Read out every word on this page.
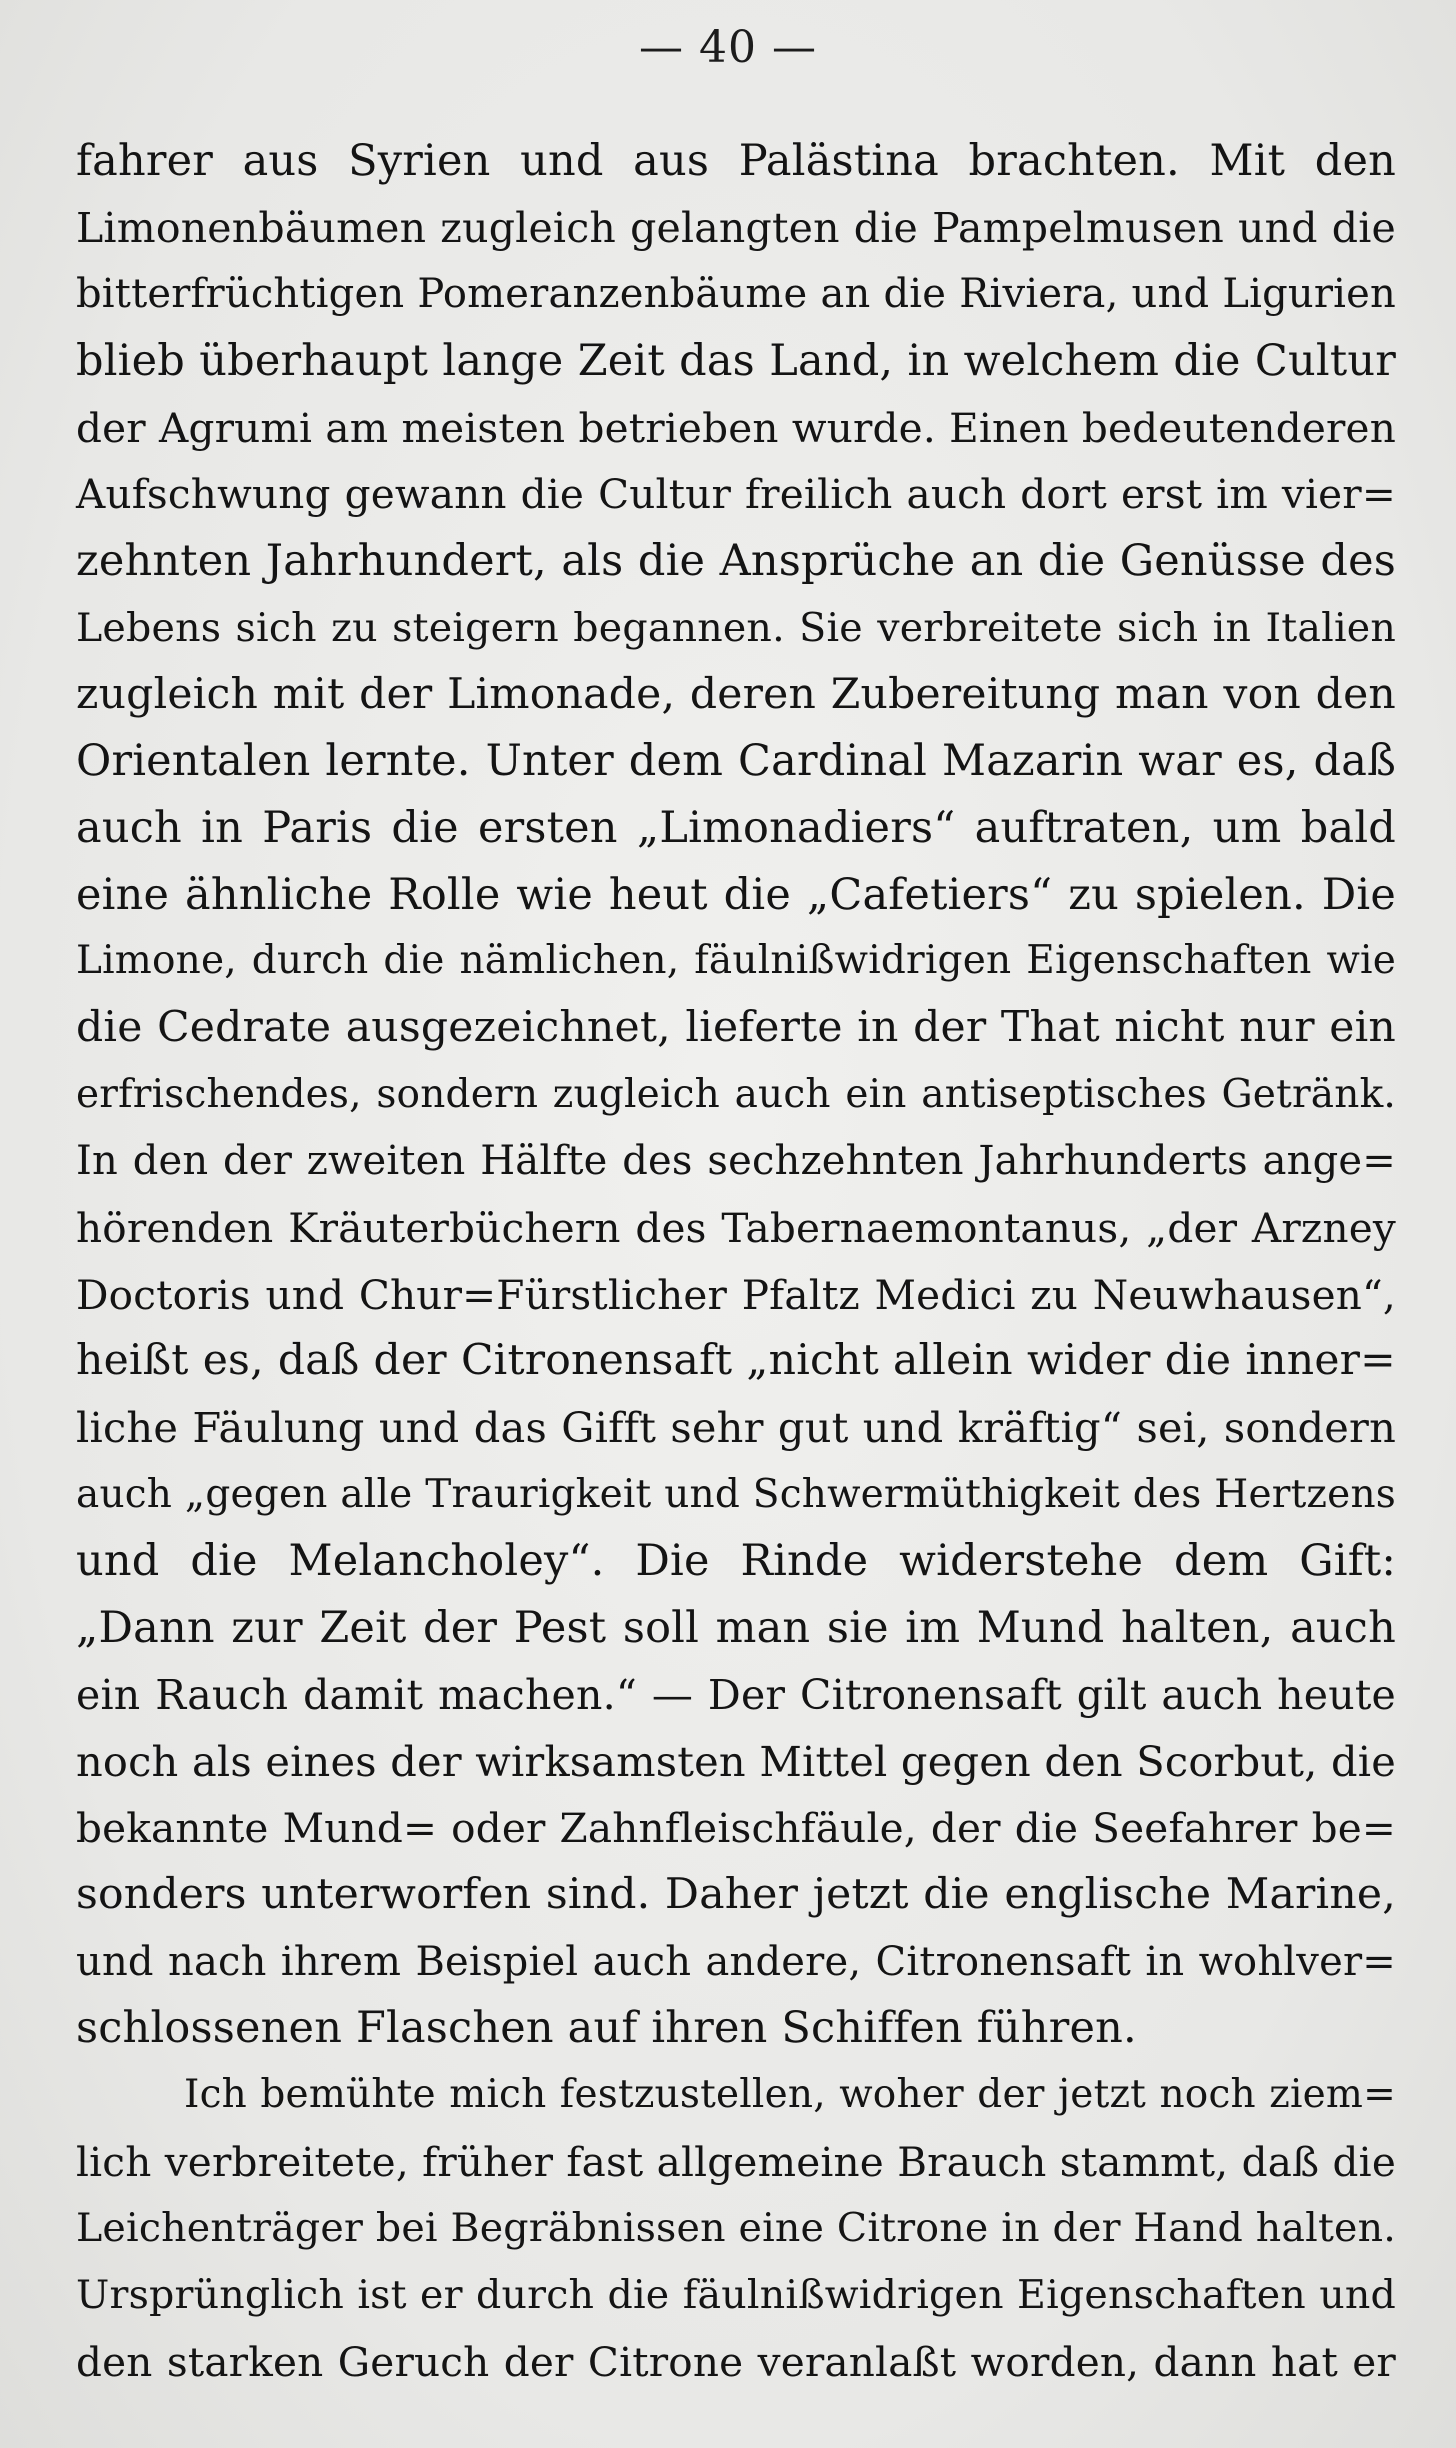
— 40 —
fahrer aus Syrien und aus Palästina brachten. Mit den
Limonenbäumen zugleich gelangten die Pampelmusen und die
bitterfrüchtigen Pomeranzenbäume an die Riviera, und Ligurien
blieb überhaupt lange Zeit das Land, in welchem die Cultur
der Agrumi am meisten betrieben wurde. Einen bedeutenderen
Aufschwung gewann die Cultur freilich auch dort erst im vier=
zehnten Jahrhundert, als die Ansprüche an die Genüsse des
Lebens sich zu steigern begannen. Sie verbreitete sich in Italien
zugleich mit der Limonade, deren Zubereitung man von den
Orientalen lernte. Unter dem Cardinal Mazarin war es, daß
auch in Paris die ersten „Limonadiers“ auftraten, um bald
eine ähnliche Rolle wie heut die „Cafetiers“ zu spielen. Die
Limone, durch die nämlichen, fäulnißwidrigen Eigenschaften wie
die Cedrate ausgezeichnet, lieferte in der That nicht nur ein
erfrischendes, sondern zugleich auch ein antiseptisches Getränk.
In den der zweiten Hälfte des sechzehnten Jahrhunderts ange=
hörenden Kräuterbüchern des Tabernaemontanus, „der Arzney
Doctoris und Chur=Fürstlicher Pfaltz Medici zu Neuwhausen“,
heißt es, daß der Citronensaft „nicht allein wider die inner=
liche Fäulung und das Gifft sehr gut und kräftig“ sei, sondern
auch „gegen alle Traurigkeit und Schwermüthigkeit des Hertzens
und die Melancholey“. Die Rinde widerstehe dem Gift:
„Dann zur Zeit der Pest soll man sie im Mund halten, auch
ein Rauch damit machen.“ — Der Citronensaft gilt auch heute
noch als eines der wirksamsten Mittel gegen den Scorbut, die
bekannte Mund= oder Zahnfleischfäule, der die Seefahrer be=
sonders unterworfen sind. Daher jetzt die englische Marine,
und nach ihrem Beispiel auch andere, Citronensaft in wohlver=
schlossenen Flaschen auf ihren Schiffen führen.
Ich bemühte mich festzustellen, woher der jetzt noch ziem=
lich verbreitete, früher fast allgemeine Brauch stammt, daß die
Leichenträger bei Begräbnissen eine Citrone in der Hand halten.
Ursprünglich ist er durch die fäulnißwidrigen Eigenschaften und
den starken Geruch der Citrone veranlaßt worden, dann hat er
